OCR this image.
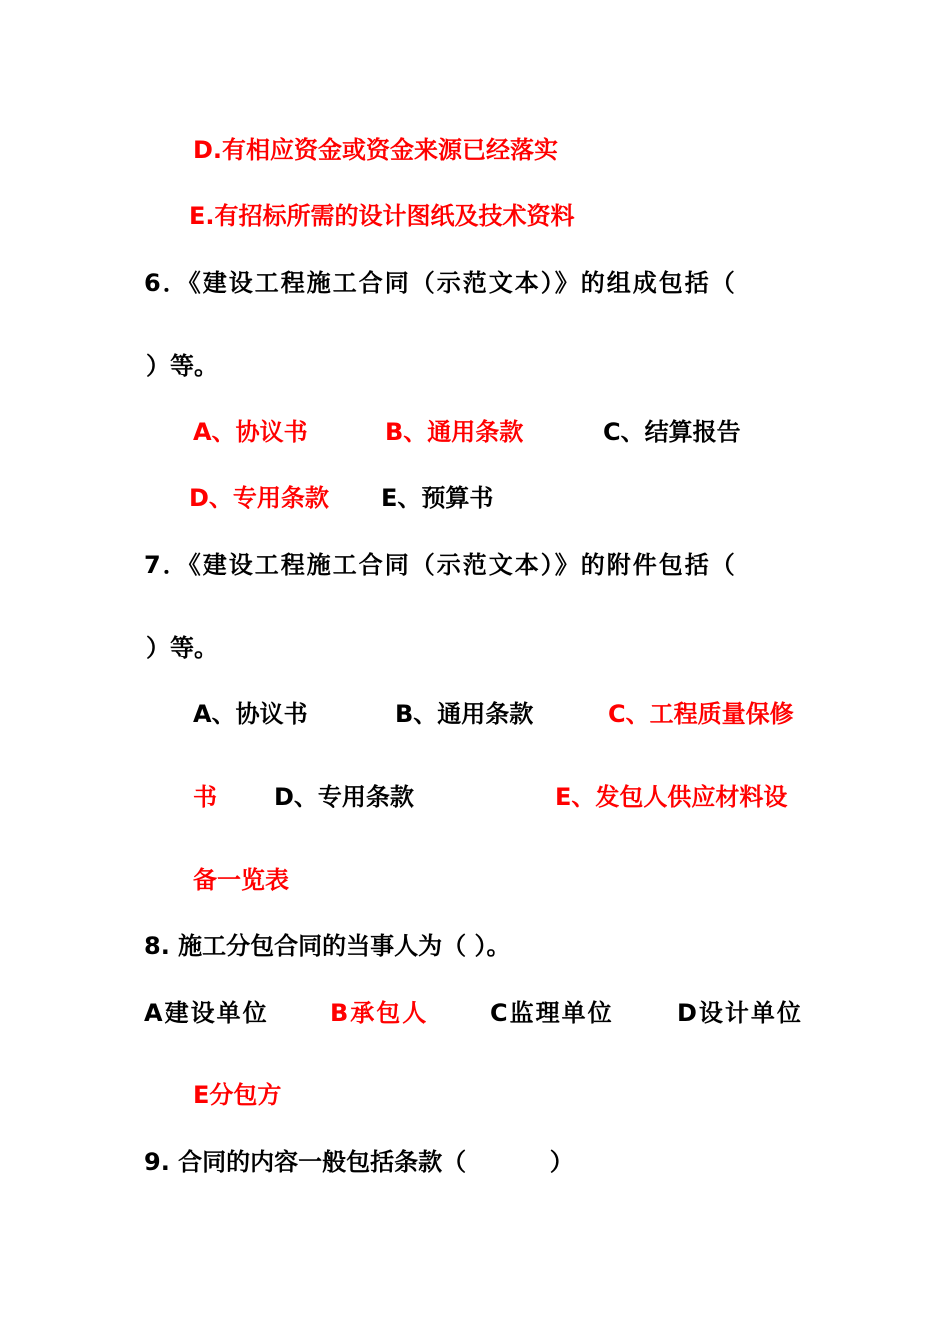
D.有相应资金或资金来源已经落实
E.有招标所需的设计图纸及技术资料
6．《建设工程施工合同（示范文本）》的组成包括（
）等。
A、协议书	B、通用条款	C、结算报告
D、专用条款 E、预算书
7．《建设工程施工合同（示范文本）》的附件包括（
）等。
A、协议书	B、通用条款	C、工程质量保修
书 D、专用条款	E、发包人供应材料设
备一览表
8. 施工分包合同的当事人为（ ）。
A建设单位	B承包人	C监理单位	D设计单位
E分包方
9. 合同的内容一般包括条款（          ）
